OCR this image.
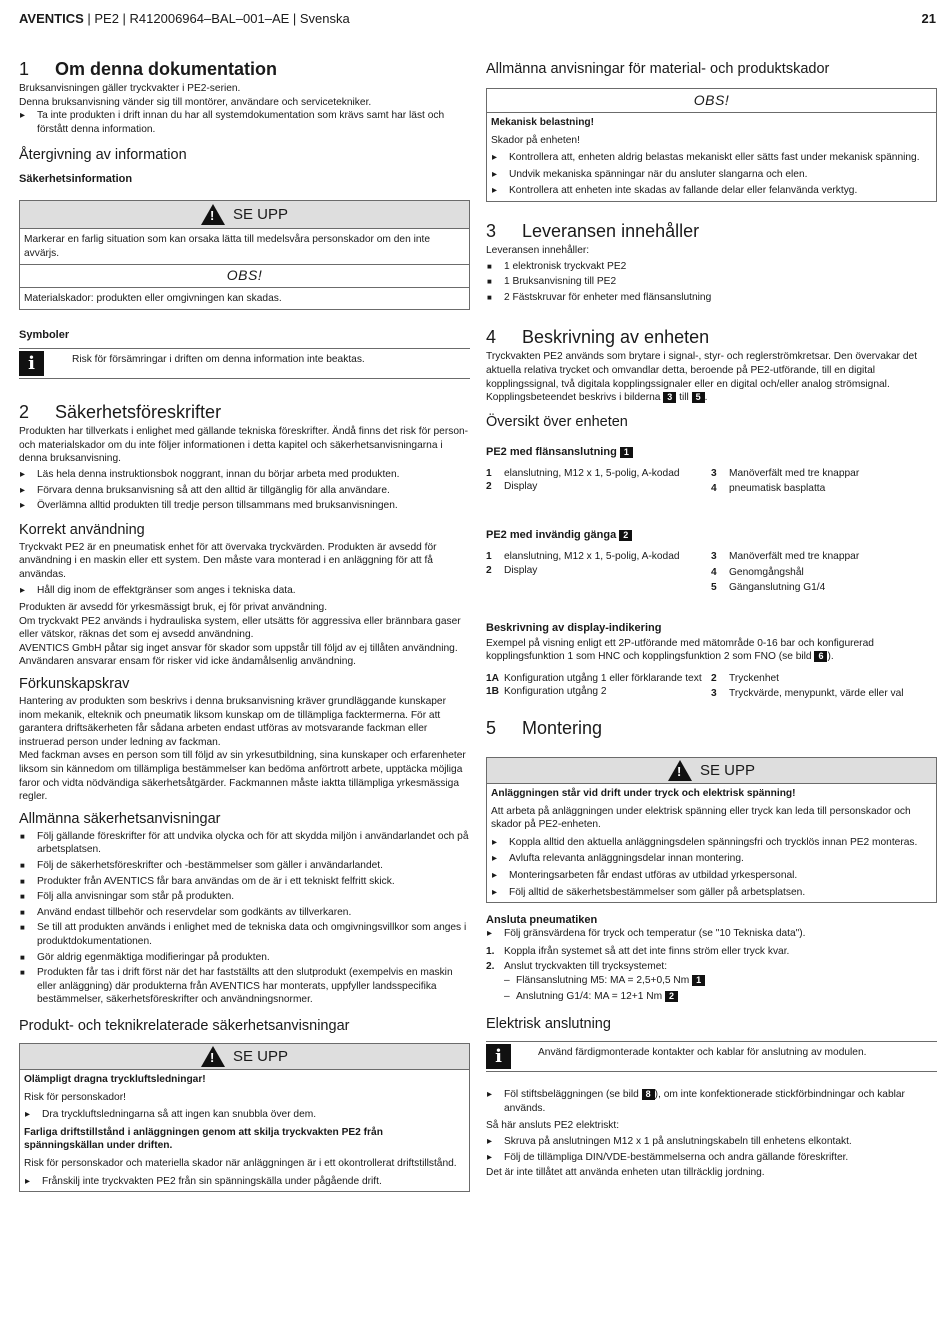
AVENTICS | PE2 | R412006964–BAL–001–AE | Svenska	21
1	Om denna dokumentation

Bruksanvisningen gäller tryckvakter i PE2-serien.

Denna bruksanvisning vänder sig till montörer, användare och servicetekniker.

▸ Ta inte produkten i drift innan du har all systemdokumentation som krävs samt har läst och förstått denna information.
Återgivning av information
Säkerhetsinformation
! SE UPP

Markerar en farlig situation som kan orsaka lätta till medelsvåra personskador om den inte avvärjs.

OBS!

Materialskador: produkten eller omgivningen kan skadas.

Symboler
i	Risk för försämringar i driften om denna information inte beaktas.
2	Säkerhetsföreskrifter

Produkten har tillverkats i enlighet med gällande tekniska föreskrifter. Ändå finns det risk för person- och materialskador om du inte följer informationen i detta kapitel och säkerhetsanvisningarna i denna bruksanvisning.

▸ Läs hela denna instruktionsbok noggrant, innan du börjar arbeta med produkten.
▸ Förvara denna bruksanvisning så att den alltid är tillgänglig för alla användare.
▸ Överlämna alltid produkten till tredje person tillsammans med bruksanvisningen.
Korrekt användning

Tryckvakt PE2 är en pneumatisk enhet för att övervaka tryckvärden. Produkten är avsedd för användning i en maskin eller ett system. Den måste vara monterad i en anläggning för att få användas.

▸ Håll dig inom de effektgränser som anges i tekniska data.

Produkten är avsedd för yrkesmässigt bruk, ej för privat användning.

Om tryckvakt PE2 används i hydrauliska system, eller utsätts för aggressiva eller brännbara gaser eller vätskor, räknas det som ej avsedd användning.

AVENTICS GmbH påtar sig inget ansvar för skador som uppstår till följd av ej tillåten användning. Användaren ansvarar ensam för risker vid icke ändamålsenlig användning.

Förkunskapskrav

Hantering av produkten som beskrivs i denna bruksanvisning kräver grundläggande kunskaper inom mekanik, elteknik och pneumatik liksom kunskap om de tillämpliga facktermerna. För att garantera driftsäkerheten får sådana arbeten endast utföras av motsvarande fackman eller instruerad person under ledning av fackman.

Med fackman avses en person som till följd av sin yrkesutbildning, sina kunskaper och erfarenheter liksom sin kännedom om tillämpliga bestämmelser kan bedöma anförtrott arbete, upptäcka möjliga faror och vidta nödvändiga säkerhetsåtgärder. Fackmannen måste iakttа tillämpliga yrkesmässiga regler.

Allmänna säkerhetsanvisningar
■ Följ gällande föreskrifter för att undvika olycka och för att skydda miljön i användarlandet och på arbetsplatsen.
■ Följ de säkerhetsföreskrifter och -bestämmelser som gäller i användarlandet.
■ Produkter från AVENTICS får bara användas om de är i ett tekniskt felfritt skick.
■ Följ alla anvisningar som står på produkten.
■ Använd endast tillbehör och reservdelar som godkänts av tillverkaren.
■ Se till att produkten används i enlighet med de tekniska data och omgivningsvillkor som anges i produktdokumentationen.
■ Gör aldrig egenmäktiga modifieringar på produkten.
■ Produkten får tas i drift först när det har fastställts att den slutprodukt (exempelvis en maskin eller anläggning) där produkterna från AVENTICS har monterats, uppfyller landsspecifika bestämmelser, säkerhetsföreskrifter och användningsnormer.
Produkt- och teknikrelaterade säkerhetsanvisningar
! SE UPP

Olämpligt dragna tryckluftsledningar!

Risk för personskador!

▸ Dra tryckluftsledningarna så att ingen kan snubbla över dem.

Farliga driftstillstånd i anläggningen genom att skilja tryckvakten PE2 från spänningskällan under driften.

Risk för personskador och materiella skador när anläggningen är i ett okontrollerat driftstillstånd.

▸ Frånskilj inte tryckvakten PE2 från sin spänningskälla under pågående drift.
Allmänna anvisningar för material- och produktskador
OBS!

Mekanisk belastning!

Skador på enheten!

▸ Kontrollera att, enheten aldrig belastas mekaniskt eller sätts fast under mekanisk spänning.
▸ Undvik mekaniska spänningar när du ansluter slangarna och elen.
▸ Kontrollera att enheten inte skadas av fallande delar eller felanvända verktyg.
3	Leveransen innehåller

Leveransen innehåller:

■ 1 elektronisk tryckvakt PE2
■ 1 Bruksanvisning till PE2
■ 2 Fästskruvar för enheter med flänsanslutning
4	Beskrivning av enheten

Tryckvakten PE2 används som brytare i signal-, styr- och reglerströmkretsar. Den övervakar det aktuella relativa trycket och omvandlar detta, beroende på PE2-utförande, till en digital kopplingssignal, två digitala kopplingssignaler eller en digital och/eller analog strömsignal. Kopplingsbeteendet beskrivs i bilderna 3 till 5 .

Översikt över enheten
PE2 med flänsanslutning 1
1	elanslutning, M12 x 1, 5-polig, A-kodad
2	Display
3	Manöverfält med tre knappar
4	pneumatisk basplatta
PE2 med invändig gänga 2
1	elanslutning, M12 x 1, 5-polig, A-kodad
2	Display
3	Manöverfält med tre knappar
4	Genomgångshål
5	Gänganslutning G1/4
Beskrivning av display-indikering

Exempel på visning enligt ett 2P-utförande med mätområde 0-16 bar och konfigurerad kopplingsfunktion 1 som HNC och kopplingsfunktion 2 som FNO (se bild 6 ).

1A Konfiguration utgång 1 eller förklarande text
1B Konfiguration utgång 2
2	Tryckenhet
3	Tryckvärde, menypunkt, värde eller val
5	Montering
! SE UPP

Anläggningen står vid drift under tryck och elektrisk spänning!

Att arbeta på anläggningen under elektrisk spänning eller tryck kan leda till personskador och skador på PE2-enheten.

▸ Koppla alltid den aktuella anläggningsdelen spänningsfri och trycklös innan PE2 monteras.
▸ Avlufta relevanta anläggningsdelar innan montering.
▸ Monteringsarbeten får endast utföras av utbildad yrkespersonal.
▸ Följ alltid de säkerhetsbestämmelser som gäller på arbetsplatsen.
Ansluta pneumatiken
▸ Följ gränsvärdena för tryck och temperatur (se "10 Tekniska data").
1. Koppla ifrån systemet så att det inte finns ström eller tryck kvar.
2. Anslut tryckvakten till trycksystemet:
– Flänsanslutning M5: MA = 2,5+0,5 Nm 1
– Anslutning G1/4: MA = 12+1 Nm 2
Elektrisk anslutning
i	Använd färdigmonterade kontakter och kablar för anslutning av modulen.
▸ Föl stiftsbeläggningen (se bild 8 ), om inte konfektionerade stickförbindningar och kablar används.

Så här ansluts PE2 elektriskt:

▸ Skruva på anslutningen M12 x 1 på anslutningskabeln till enhetens elkontakt.
▸ Följ de tillämpliga DIN/VDE-bestämmelserna och andra gällande föreskrifter.

Det är inte tillåtet att använda enheten utan tillräcklig jordning.
